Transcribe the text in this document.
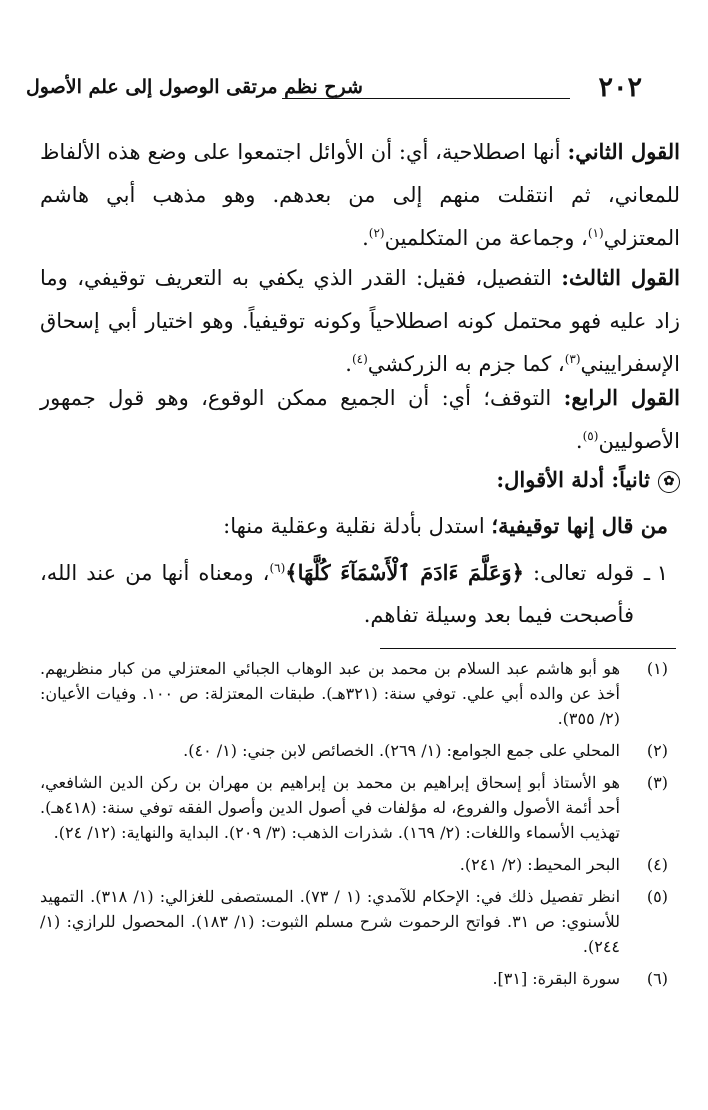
٢٠٢
شرح نظم مرتقى الوصول إلى علم الأصول

القول الثاني: أنها اصطلاحية، أي: أن الأوائل اجتمعوا على وضع هذه الألفاظ للمعاني، ثم انتقلت منهم إلى من بعدهم. وهو مذهب أبي هاشم المعتزلي$^{(١)}$، وجماعة من المتكلمين$^{(٢)}$.

القول الثالث: التفصيل، فقيل: القدر الذي يكفي به التعريف توقيفي، وما زاد عليه فهو محتمل كونه اصطلاحياً وكونه توقيفياً. وهو اختيار أبي إسحاق الإسفراييني$^{(٣)}$، كما جزم به الزركشي$^{(٤)}$.

القول الرابع: التوقف؛ أي: أن الجميع ممكن الوقوع، وهو قول جمهور الأصوليين$^{(٥)}$.

✿ثانياً: أدلة الأقوال:
من قال إنها توقيفية؛ استدل بأدلة نقلية وعقلية منها:
١ ـ
قوله تعالى: ﴿وَعَلَّمَ ءَادَمَ ٱلْأَسْمَآءَ كُلَّهَا﴾$^{(٦)}$، ومعناه أنها من عند الله، فأصبحت فيما بعد وسيلة تفاهم.
(١)
هو أبو هاشم عبد السلام بن محمد بن عبد الوهاب الجبائي المعتزلي من كبار منظريهم. أخذ عن والده أبي علي. توفي سنة: (٣٢١هـ). طبقات المعتزلة: ص ١٠٠. وفيات الأعيان: (٢/ ٣٥٥).
(٢)
المحلي على جمع الجوامع: (١/ ٢٦٩). الخصائص لابن جني: (١/ ٤٠).
(٣)
هو الأستاذ أبو إسحاق إبراهيم بن محمد بن إبراهيم بن مهران بن ركن الدين الشافعي، أحد أئمة الأصول والفروع، له مؤلفات في أصول الدين وأصول الفقه توفي سنة: (٤١٨هـ). تهذيب الأسماء واللغات: (٢/ ١٦٩). شذرات الذهب: (٣/ ٢٠٩). البداية والنهاية: (١٢/ ٢٤).
(٤)
البحر المحيط: (٢/ ٢٤١).
(٥)
انظر تفصيل ذلك في: الإحكام للآمدي: (١ / ٧٣). المستصفى للغزالي: (١/ ٣١٨). التمهيد للأسنوي: ص ٣١. فواتح الرحموت شرح مسلم الثبوت: (١/ ١٨٣). المحصول للرازي: (١/ ٢٤٤).
(٦)
سورة البقرة: [٣١].
